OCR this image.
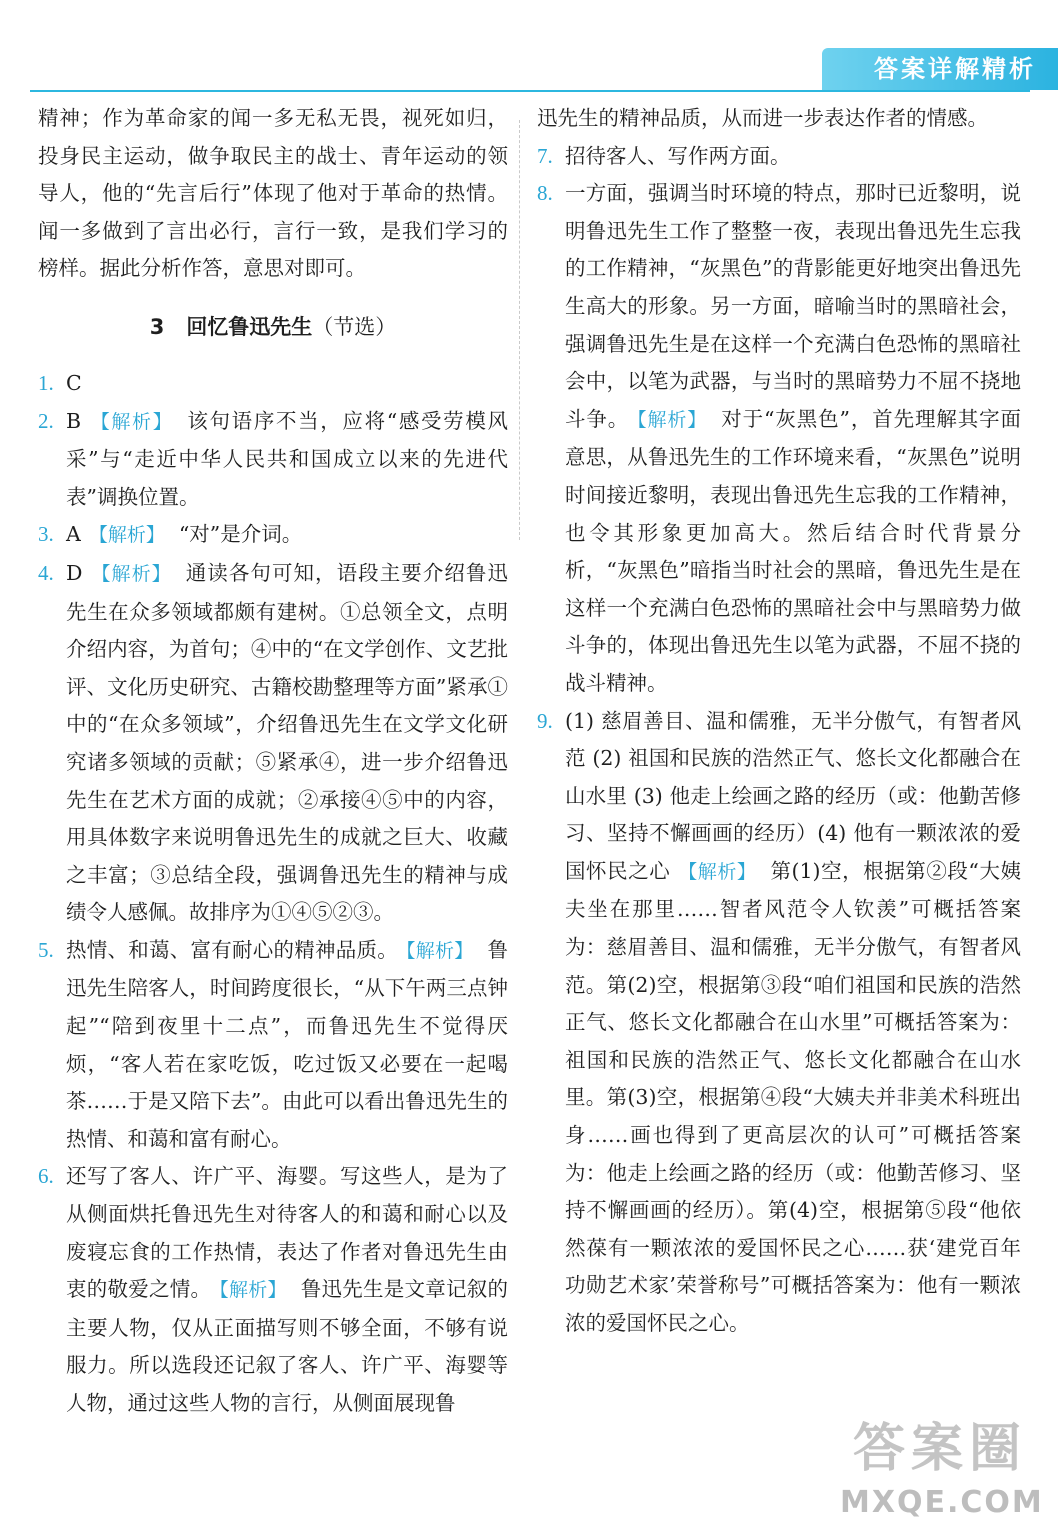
答案详解精析

精神；作为革命家的闻一多无私无畏，视死如归，投身民主运动，做争取民主的战士、青年运动的领导人，他的“先言后行”体现了他对于革命的热情。闻一多做到了言出必行，言行一致，是我们学习的榜样。据此分析作答，意思对即可。

3 回忆鲁迅先生（节选）
1. C
2. B 【解析】 该句语序不当，应将“感受劳模风采”与“走近中华人民共和国成立以来的先进代表”调换位置。
3. A 【解析】 “对”是介词。
4. D 【解析】 通读各句可知，语段主要介绍鲁迅先生在众多领域都颇有建树。①总领全文，点明介绍内容，为首句；④中的“在文学创作、文艺批评、文化历史研究、古籍校勘整理等方面”紧承①中的“在众多领域”，介绍鲁迅先生在文学文化研究诸多领域的贡献；⑤紧承④，进一步介绍鲁迅先生在艺术方面的成就；②承接④⑤中的内容，用具体数字来说明鲁迅先生的成就之巨大、收藏之丰富；③总结全段，强调鲁迅先生的精神与成绩令人感佩。故排序为①④⑤②③。
5. 热情、和蔼、富有耐心的精神品质。 【解析】 鲁迅先生陪客人，时间跨度很长，“从下午两三点钟起”“陪到夜里十二点”，而鲁迅先生不觉得厌烦，“客人若在家吃饭，吃过饭又必要在一起喝茶……于是又陪下去”。由此可以看出鲁迅先生的热情、和蔼和富有耐心。
6. 还写了客人、许广平、海婴。写这些人，是为了从侧面烘托鲁迅先生对待客人的和蔼和耐心以及废寝忘食的工作热情，表达了作者对鲁迅先生由衷的敬爱之情。 【解析】 鲁迅先生是文章记叙的主要人物，仅从正面描写则不够全面，不够有说服力。所以选段还记叙了客人、许广平、海婴等人物，通过这些人物的言行，从侧面展现鲁

迅先生的精神品质，从而进一步表达作者的情感。

7. 招待客人、写作两方面。
8. 一方面，强调当时环境的特点，那时已近黎明，说明鲁迅先生工作了整整一夜，表现出鲁迅先生忘我的工作精神，“灰黑色”的背影能更好地突出鲁迅先生高大的形象。另一方面，暗喻当时的黑暗社会，强调鲁迅先生是在这样一个充满白色恐怖的黑暗社会中，以笔为武器，与当时的黑暗势力不屈不挠地斗争。 【解析】 对于“灰黑色”，首先理解其字面意思，从鲁迅先生的工作环境来看，“灰黑色”说明时间接近黎明，表现出鲁迅先生忘我的工作精神，也令其形象更加高大。然后结合时代背景分析，“灰黑色”暗指当时社会的黑暗，鲁迅先生是在这样一个充满白色恐怖的黑暗社会中与黑暗势力做斗争的，体现出鲁迅先生以笔为武器，不屈不挠的战斗精神。
9. (1) 慈眉善目、温和儒雅，无半分傲气，有智者风范 (2) 祖国和民族的浩然正气、悠长文化都融合在山水里 (3) 他走上绘画之路的经历（或：他勤苦修习、坚持不懈画画的经历）(4) 他有一颗浓浓的爱国怀民之心 【解析】 第(1)空，根据第②段“大姨夫坐在那里……智者风范令人钦羡”可概括答案为：慈眉善目、温和儒雅，无半分傲气，有智者风范。第(2)空，根据第③段“咱们祖国和民族的浩然正气、悠长文化都融合在山水里”可概括答案为：祖国和民族的浩然正气、悠长文化都融合在山水里。第(3)空，根据第④段“大姨夫并非美术科班出身……画也得到了更高层次的认可”可概括答案为：他走上绘画之路的经历（或：他勤苦修习、坚持不懈画画的经历）。第(4)空，根据第⑤段“他依然葆有一颗浓浓的爱国怀民之心……获‘建党百年功勋艺术家’荣誉称号”可概括答案为：他有一颗浓浓的爱国怀民之心。
答案圈
MXQE.COM
